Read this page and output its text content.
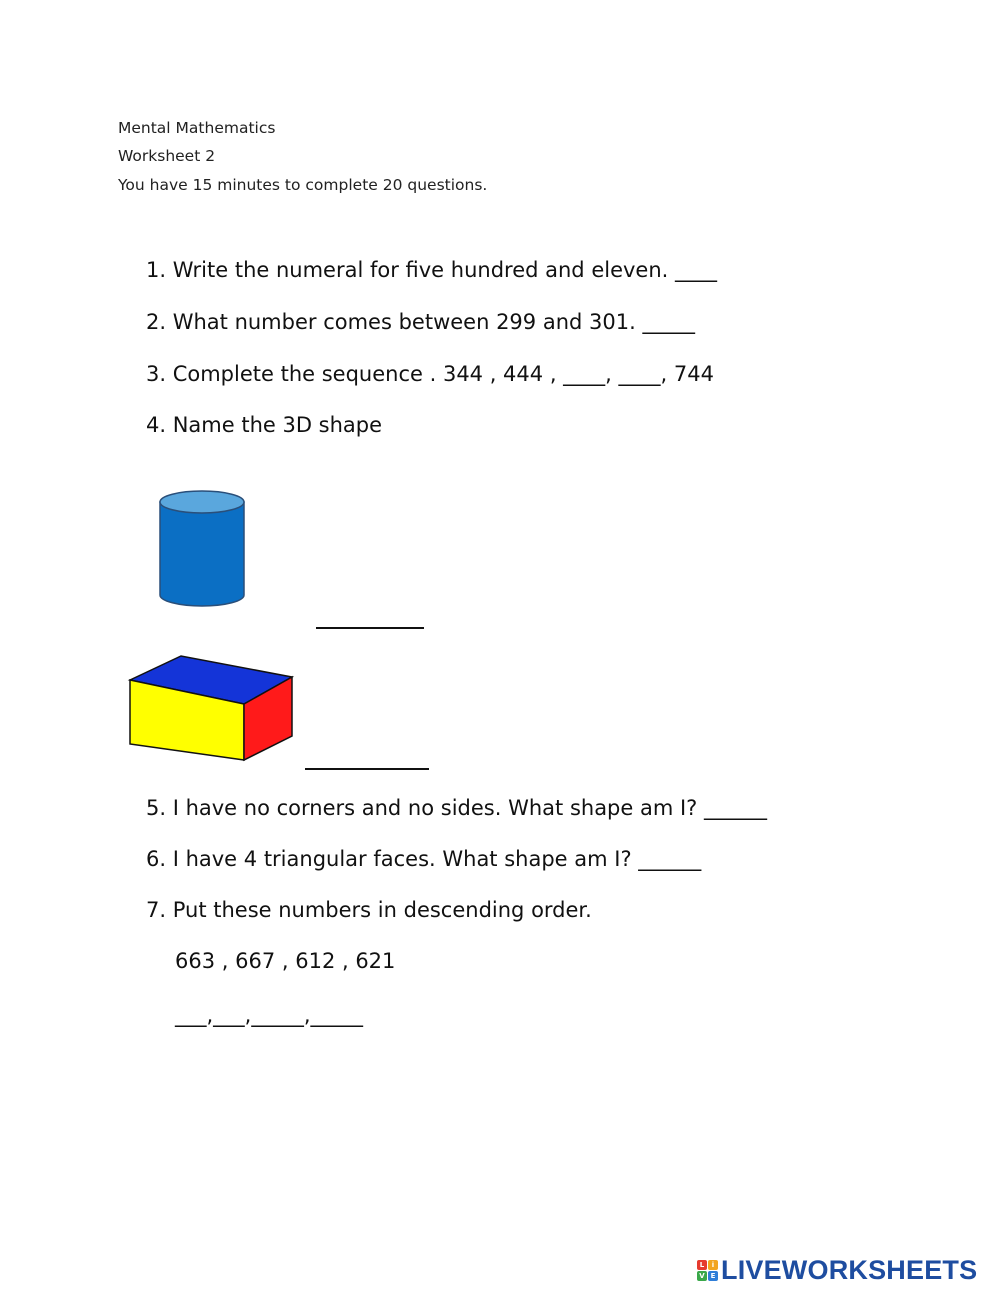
Mental Mathematics
Worksheet 2
You have 15 minutes to complete 20 questions.
1. Write the numeral for five hundred and eleven. ____
2. What number comes between 299 and 301. _____
3. Complete the sequence . 344 , 444 , ____, ____, 744
4. Name the 3D shape
5. I have no corners and no sides. What shape am I? ______
6. I have 4 triangular faces. What shape am I? ______
7. Put these numbers in descending order.
663 , 667 , 612 , 621
___,___,_____,_____
L	i
V E LIVEWORKSHEETS
